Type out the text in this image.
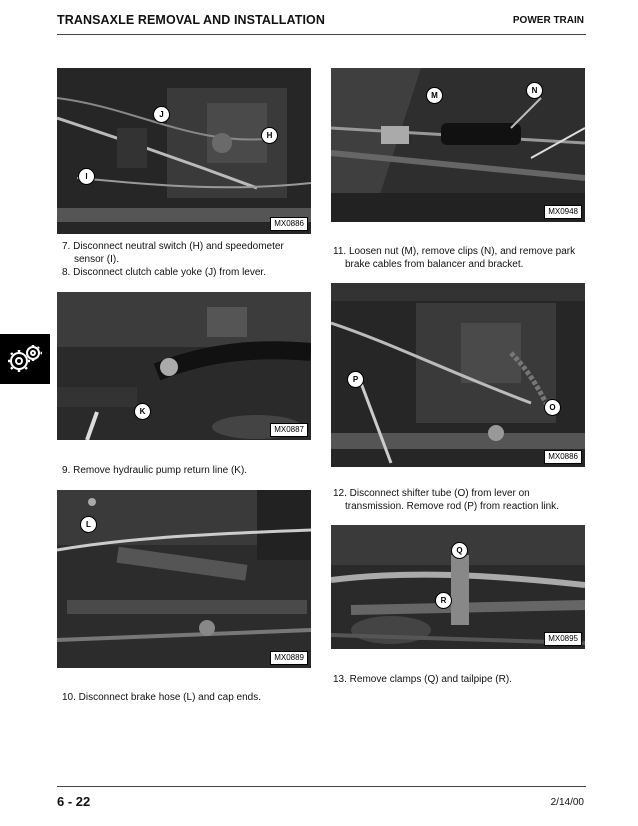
TRANSAXLE REMOVAL AND INSTALLATION	POWER TRAIN
J
H
I
MX0886
7. Disconnect neutral switch (H) and speedometer
sensor (I).
8. Disconnect clutch cable yoke (J) from lever.
K
MX0887
9. Remove hydraulic pump return line (K).
L
MX0889
10. Disconnect brake hose (L) and cap ends.
M
N
MX0948
11. Loosen nut (M), remove clips (N), and remove park
brake cables from balancer and bracket.
P
O
MX0886
12. Disconnect shifter tube (O) from lever on
transmission. Remove rod (P) from reaction link.
Q
R
MX0895
13. Remove clamps (Q) and tailpipe (R).
6 - 22	2/14/00
